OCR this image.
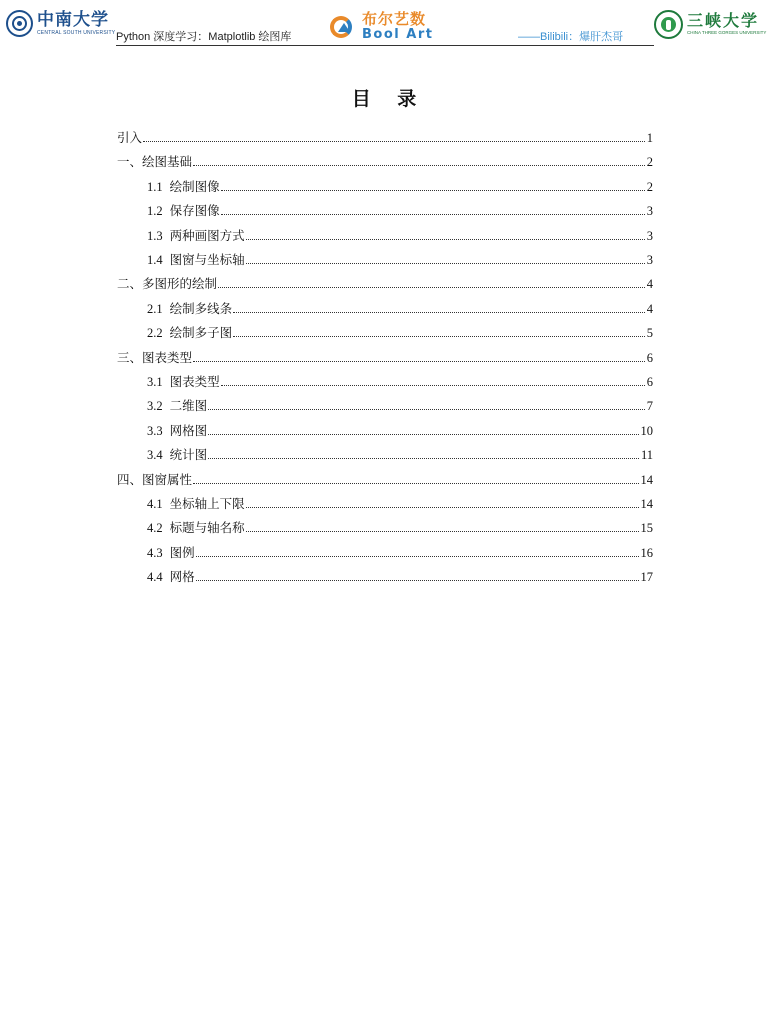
中南大学
CENTRAL SOUTH UNIVERSITY Python 深度学习：Matplotlib 绘图库
布尔艺数
Bool Art	——Bilibili：爆肝杰哥
三峡大学
CHINA THREE GORGES UNIVERSITY
目 录
引入	1
一、绘图基础	2
1.1 绘制图像	2
1.2 保存图像	3
1.3 两种画图方式	3
1.4 图窗与坐标轴	3
二、多图形的绘制	4
2.1 绘制多线条	4
2.2 绘制多子图	5
三、图表类型	6
3.1 图表类型	6
3.2 二维图	7
3.3 网格图	10
3.4 统计图	11
四、图窗属性	14
4.1 坐标轴上下限	14
4.2 标题与轴名称	15
4.3 图例	16
4.4 网格	17
